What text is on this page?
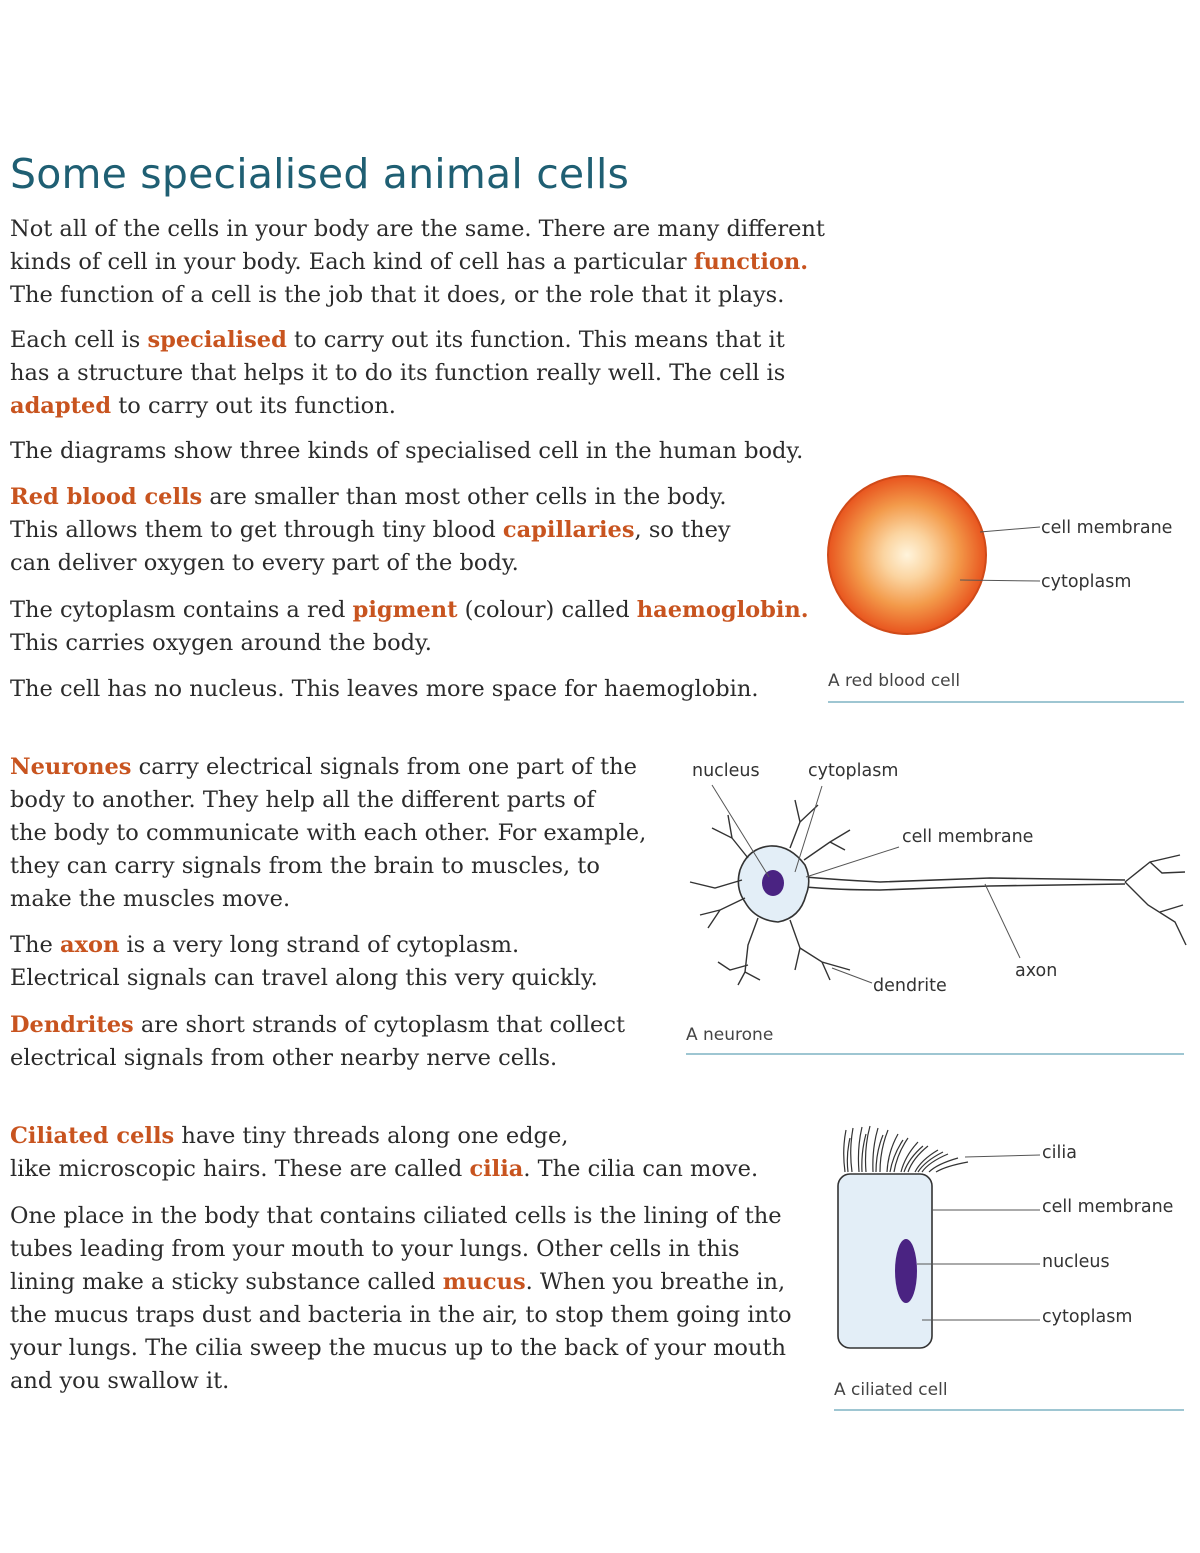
Some specialised animal cells

Not all of the cells in your body are the same. There are many different
kinds of cell in your body. Each kind of cell has a particular function.
The function of a cell is the job that it does, or the role that it plays.

Each cell is specialised to carry out its function. This means that it
has a structure that helps it to do its function really well. The cell is
adapted to carry out its function.

The diagrams show three kinds of specialised cell in the human body.

Red blood cells are smaller than most other cells in the body.
This allows them to get through tiny blood capillaries, so they
can deliver oxygen to every part of the body.

The cytoplasm contains a red pigment (colour) called haemoglobin.
This carries oxygen around the body.

The cell has no nucleus. This leaves more space for haemoglobin.

Neurones carry electrical signals from one part of the
body to another. They help all the different parts of
the body to communicate with each other. For example,
they can carry signals from the brain to muscles, to
make the muscles move.

The axon is a very long strand of cytoplasm.
Electrical signals can travel along this very quickly.

Dendrites are short strands of cytoplasm that collect
electrical signals from other nearby nerve cells.

Ciliated cells have tiny threads along one edge,
like microscopic hairs. These are called cilia. The cilia can move.

One place in the body that contains ciliated cells is the lining of the
tubes leading from your mouth to your lungs. Other cells in this
lining make a sticky substance called mucus. When you breathe in,
the mucus traps dust and bacteria in the air, to stop them going into
your lungs. The cilia sweep the mucus up to the back of your mouth
and you swallow it.

cell membrane
cytoplasm
A red blood cell
nucleus	cytoplasm
cell membrane
axon
dendrite
A neurone
cilia
cell membrane
nucleus
cytoplasm
A ciliated cell
